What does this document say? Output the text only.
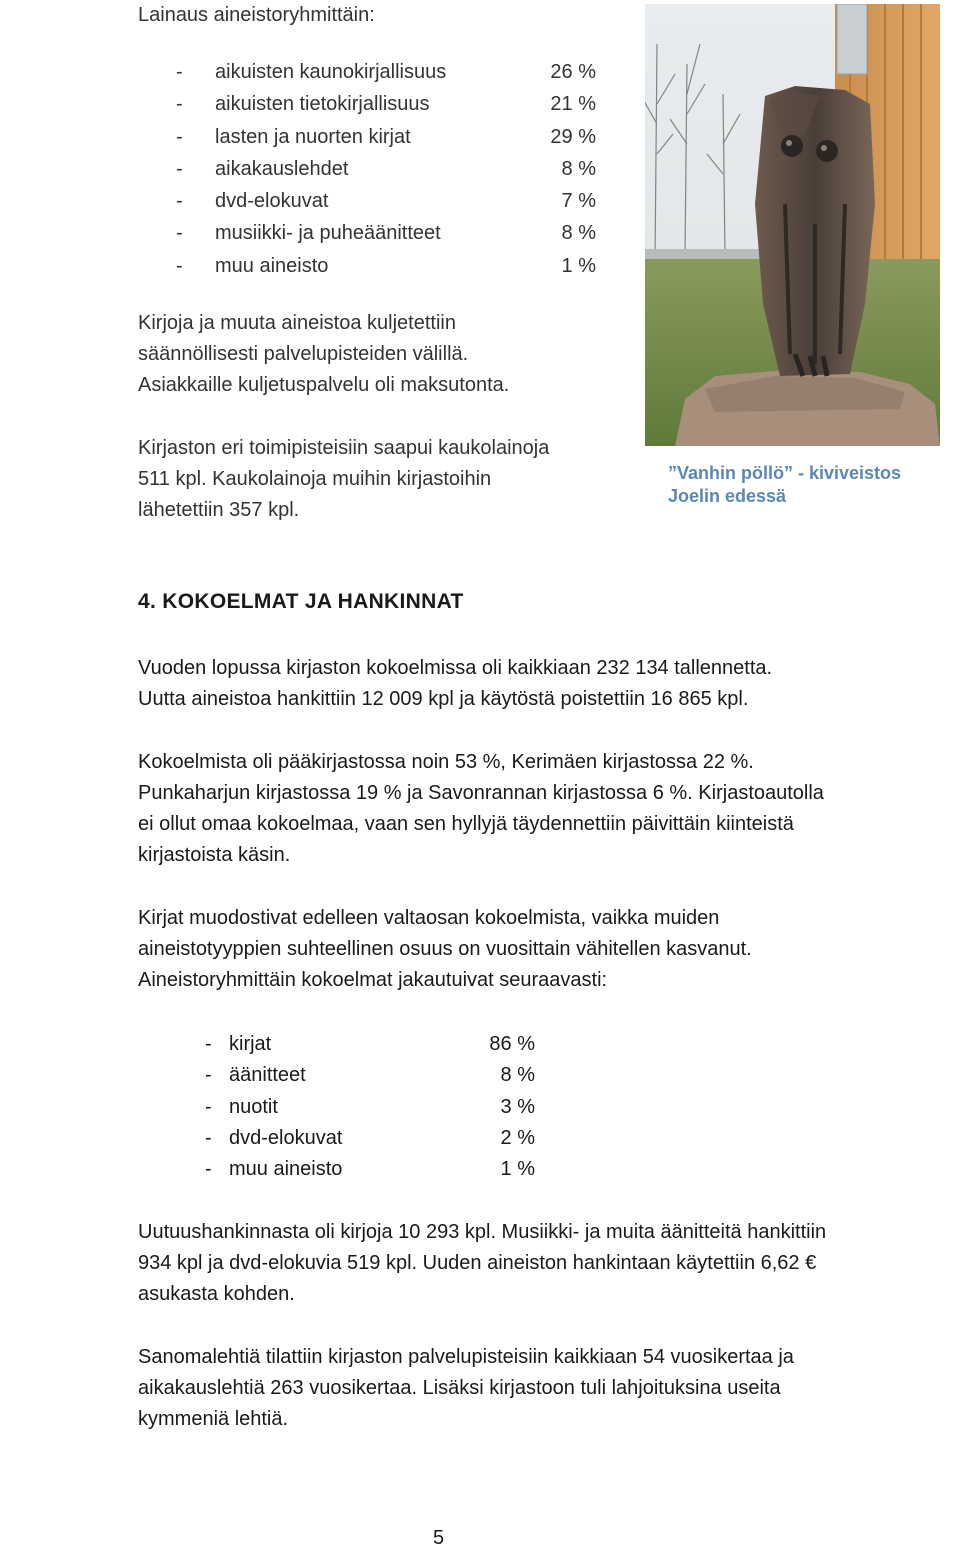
Lainaus aineistoryhmittäin:
- aikuisten kaunokirjallisuus	26 %
- aikuisten tietokirjallisuus	21 %
- lasten ja nuorten kirjat	29 %
- aikakauslehdet	8 %
- dvd-elokuvat	7 %
- musiikki- ja puheäänitteet	8 %
- muu aineisto	1 %
Kirjoja ja muuta aineistoa kuljetettiin
säännöllisesti palvelupisteiden välillä.
Asiakkaille kuljetuspalvelu oli maksutonta.
Kirjaston eri toimipisteisiin saapui kaukolainoja
511 kpl. Kaukolainoja muihin kirjastoihin
lähetettiin 357 kpl.
”Vanhin pöllö” - kiviveistos
Joelin edessä
4. KOKOELMAT JA HANKINNAT
Vuoden lopussa kirjaston kokoelmissa oli kaikkiaan 232 134 tallennetta.
Uutta aineistoa hankittiin 12 009 kpl ja käytöstä poistettiin 16 865 kpl.
Kokoelmista oli pääkirjastossa noin 53 %, Kerimäen kirjastossa 22 %.
Punkaharjun kirjastossa 19 % ja Savonrannan kirjastossa 6 %. Kirjastoautolla
ei ollut omaa kokoelmaa, vaan sen hyllyjä täydennettiin päivittäin kiinteistä
kirjastoista käsin.
Kirjat muodostivat edelleen valtaosan kokoelmista, vaikka muiden
aineistotyyppien suhteellinen osuus on vuosittain vähitellen kasvanut.
Aineistoryhmittäin kokoelmat jakautuivat seuraavasti:
- kirjat	86 %
- äänitteet	8 %
- nuotit	3 %
- dvd-elokuvat	2 %
- muu aineisto	1 %
Uutuushankinnasta oli kirjoja 10 293 kpl. Musiikki- ja muita äänitteitä hankittiin
934 kpl ja dvd-elokuvia 519 kpl. Uuden aineiston hankintaan käytettiin 6,62 €
asukasta kohden.
Sanomalehtiä tilattiin kirjaston palvelupisteisiin kaikkiaan 54 vuosikertaa ja
aikakauslehtiä 263 vuosikertaa. Lisäksi kirjastoon tuli lahjoituksina useita
kymmeniä lehtiä.
5
